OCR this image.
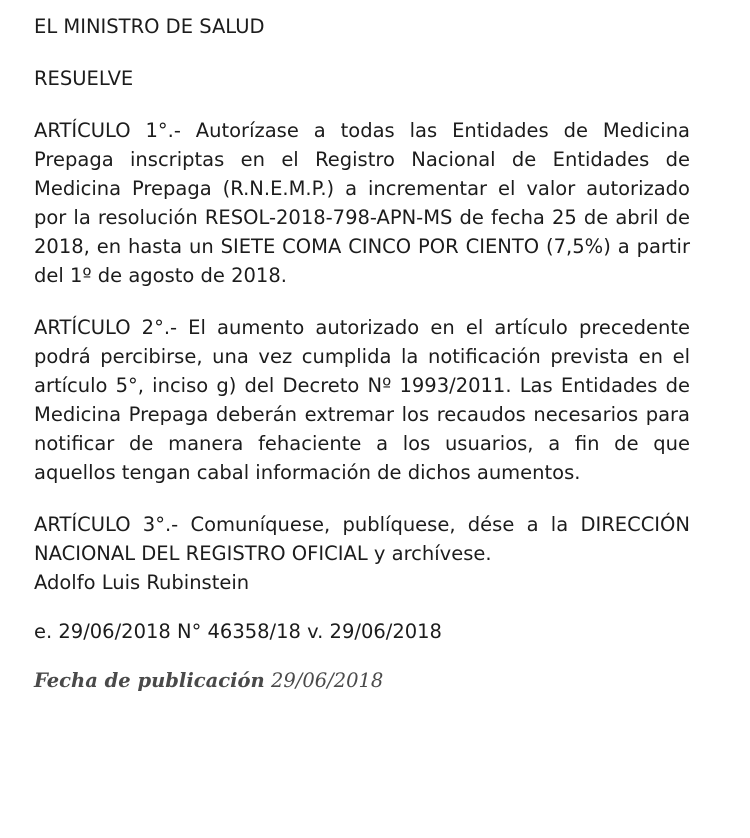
EL MINISTRO DE SALUD

RESUELVE

ARTÍCULO 1°.- Autorízase a todas las Entidades de Medicina Prepaga inscriptas en el Registro Nacional de Entidades de Medicina Prepaga (R.N.E.M.P.) a incrementar el valor autorizado por la resolución RESOL-2018-798-APN-MS de fecha 25 de abril de 2018, en hasta un SIETE COMA CINCO POR CIENTO (7,5%) a partir del 1º de agosto de 2018.

ARTÍCULO 2°.- El aumento autorizado en el artículo precedente podrá percibirse, una vez cumplida la notificación prevista en el artículo 5°, inciso g) del Decreto Nº 1993/2011. Las Entidades de Medicina Prepaga deberán extremar los recaudos necesarios para notificar de manera fehaciente a los usuarios, a fin de que aquellos tengan cabal información de dichos aumentos.

ARTÍCULO 3°.- Comuníquese, publíquese, dése a la DIRECCIÓN NACIONAL DEL REGISTRO OFICIAL y archívese.

Adolfo Luis Rubinstein

e. 29/06/2018 N° 46358/18 v. 29/06/2018

Fecha de publicación 29/06/2018
